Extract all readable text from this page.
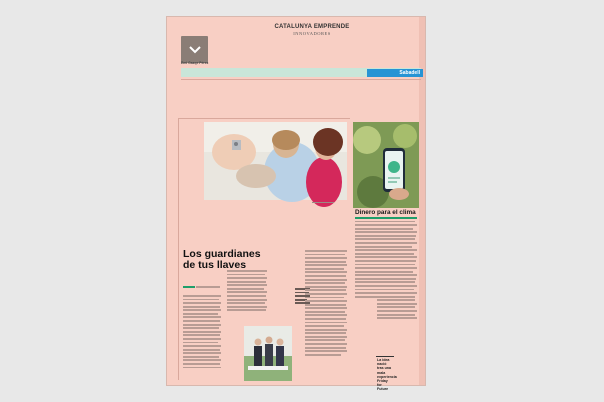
CATALUNYA EMPRENDE
INNOVADORES
Emi Gazqe Pérez
Sabadell
Dinero para el clima
La idea nació tras una mala experiencia Friday for Future
Los guardianes
de tus llaves
